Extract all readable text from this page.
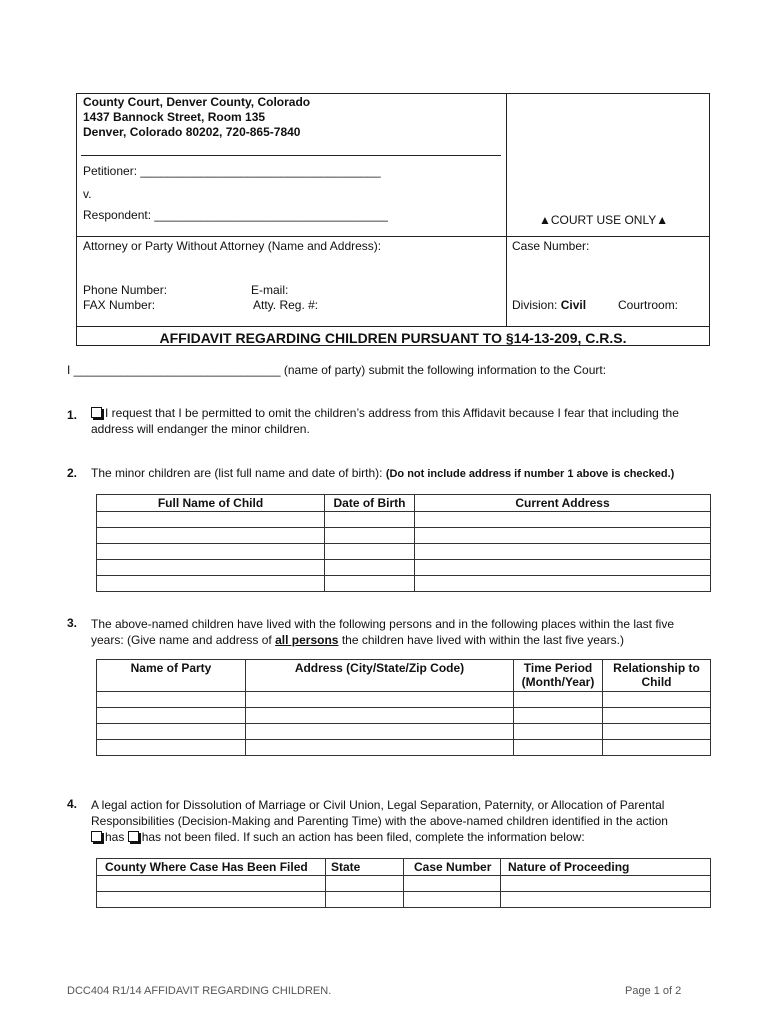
County Court, Denver County, Colorado
1437 Bannock Street, Room 135
Denver, Colorado 80202, 720-865-7840
Petitioner: ____________________________________
v.
Respondent: ___________________________________	▲COURT USE ONLY▲
Attorney or Party Without Attorney (Name and Address):	Case Number:
Phone Number:	E-mail:
FAX Number:	Atty. Reg. #:	Division: Civil	Courtroom:
AFFIDAVIT REGARDING CHILDREN PURSUANT TO §14-13-209, C.R.S.
I _______________________________ (name of party) submit the following information to the Court:
1.	I request that I be permitted to omit the children’s address from this Affidavit because I fear that including the
address will endanger the minor children.
2. The minor children are (list full name and date of birth): (Do not include address if number 1 above is checked.)
Full Name of Child	Date of Birth	Current Address

3. The above-named children have lived with the following persons and in the following places within the last five
years: (Give name and address of all persons the children have lived with within the last five years.)
Name of Party	Address (City/State/Zip Code)	Time Period (Month/Year)	Relationship to Child

4. A legal action for Dissolution of Marriage or Civil Union, Legal Separation, Paternity, or Allocation of Parental
Responsibilities (Decision-Making and Parenting Time) with the above-named children identified in the action
has has not been filed. If such an action has been filed, complete the information below:
County Where Case Has Been Filed	State	Case Number	Nature of Proceeding

DCC404 R1/14 AFFIDAVIT REGARDING CHILDREN.	Page 1 of 2
